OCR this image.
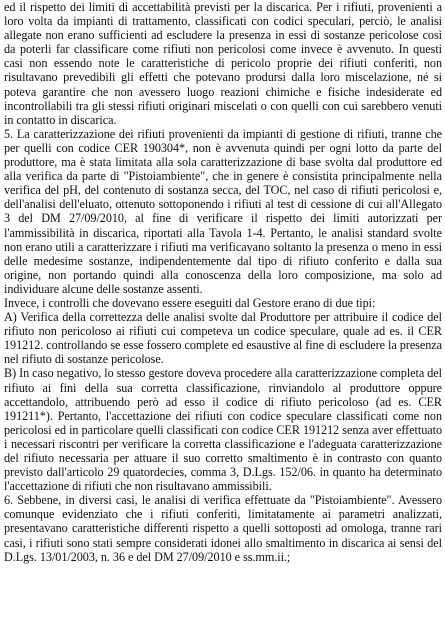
ed il rispetto dei limiti di accettabilità previsti per la discarica. Per i rifiuti, provenienti a loro volta da impianti di trattamento, classificati con codici speculari, perciò, le analisi allegate non erano sufficienti ad escludere la presenza in essi di sostanze pericolose così da poterli far classificare come rifiuti non pericolosi come invece è avvenuto. In questi casi non essendo note le caratteristiche di pericolo proprie dei rifiuti conferiti, non risultavano prevedibili gli effetti che potevano prodursi dalla loro miscelazione, né si poteva garantire che non avessero luogo reazioni chimiche e fisiche indesiderate ed incontrollabili tra gli stessi rifiuti originari miscelati o con quelli con cui sarebbero venuti in contatto in discarica.

5. La caratterizzazione dei rifiuti provenienti da impianti di gestione di rifiuti, tranne che per quelli con codice CER 190304*, non è avvenuta quindi per ogni lotto da parte del produttore, ma è stata limitata alla sola caratterizzazione di base svolta dal produttore ed alla verifica da parte di "Pistoiambiente", che in genere è consistita principalmente nella verifica del pH, del contenuto di sostanza secca, del TOC, nel caso di rifiuti pericolosi e, dell'analisi dell'eluato, ottenuto sottoponendo i rifiuti al test di cessione di cui all'Allegato 3 del DM 27/09/2010, al fine di verificare il rispetto dei limiti autorizzati per l'ammissibilità in discarica, riportati alla Tavola 1-4. Pertanto, le analisi standard svolte non erano utili a caratterizzare i rifiuti ma verificavano soltanto la presenza o meno in essi delle medesime sostanze, indipendentemente dal tipo di rifiuto conferito e dalla sua origine, non portando quindi alla conoscenza della loro composizione, ma solo ad individuare alcune delle sostanze assenti.

Invece, i controlli che dovevano essere eseguiti dal Gestore erano di due tipi:

A) Verifica della correttezza delle analisi svolte dal Produttore per attribuire il codice del rifiuto non pericoloso ai rifiuti cui competeva un codice speculare, quale ad es. il CER 191212. controllando se esse fossero complete ed esaustive al fine di escludere la presenza nel rifiuto di sostanze pericolose.

B) In caso negativo, lo stesso gestore doveva procedere alla caratterizzazione completa del rifiuto ai fini della sua corretta classificazione, rinviandolo al produttore oppure accettandolo, attribuendo però ad esso il codice di rifiuto pericoloso (ad es. CER 191211*). Pertanto, l'accettazione dei rifiuti con codice speculare classificati come non pericolosi ed in particolare quelli classificati con codice CER 191212 senza aver effettuato i necessari riscontri per verificare la corretta classificazione e l'adeguata caratterizzazione del rifiuto necessaria per attuare il suo corretto smaltimento è in contrasto con quanto previsto dall'articolo 29 quatordecies, comma 3, D.Lgs. 152/06. in quanto ha determinato l'accettazione di rifiuti che non risultavano ammissibili.

6. Sebbene, in diversi casi, le analisi di verifica effettuate da "Pistoiambiente". Avessero comunque evidenziato che i rifiuti conferiti, limitatamente ai parametri analizzati, presentavano caratteristiche differenti rispetto a quelli sottoposti ad omologa, tranne rari casi, i rifiuti sono stati sempre considerati idonei allo smaltimento in discarica ai sensi del D.Lgs. 13/01/2003, n. 36 e del DM 27/09/2010 e ss.mm.ii.;
